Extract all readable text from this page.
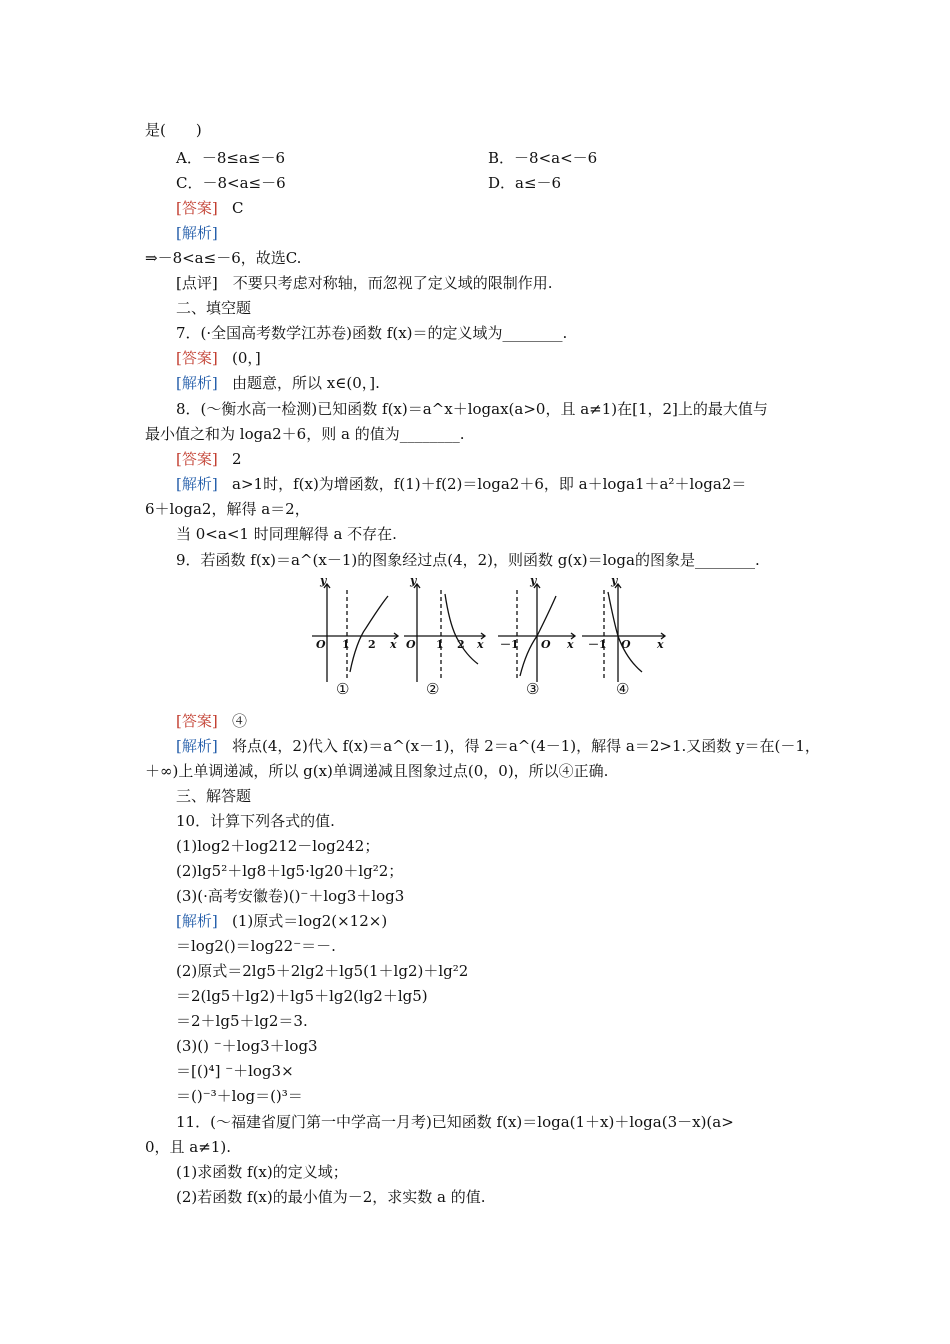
是(　　)
A．－8≤a≤－6	B．－8<a<－6
C．－8<a≤－6	D．a≤－6
[答案] C
[解析]
⇒－8<a≤－6，故选C.
[点评]　不要只考虑对称轴，而忽视了定义域的限制作用.
二、填空题
7．(·全国高考数学江苏卷)函数 f(x)＝的定义域为________.
[答案] (0，]
[解析] 由题意，所以 x∈(0，].
8．(～衡水高一检测)已知函数 f(x)＝a^x＋logax(a>0，且 a≠1)在[1，2]上的最大值与
最小值之和为 loga2＋6，则 a 的值为________.
[答案] 2
[解析] a>1时，f(x)为增函数，f(1)＋f(2)＝loga2＋6，即 a＋loga1＋a²＋loga2＝
6＋loga2，解得 a＝2，
当 0<a<1 时同理解得 a 不存在.
9．若函数 f(x)＝a^(x－1)的图象经过点(4，2)，则函数 g(x)＝loga的图象是________.
y
x
O 1 2
y
x
O 1 2
y
x
O
－1
y
x
O
－1
①	②	③	④
[答案] ④
[解析] 将点(4，2)代入 f(x)＝a^(x－1)，得 2＝a^(4－1)，解得 a＝2>1.又函数 y＝在(－1，
＋∞)上单调递减，所以 g(x)单调递减且图象过点(0，0)，所以④正确.
三、解答题
10．计算下列各式的值.
(1)log2＋log212－log242；
(2)lg5²＋lg8＋lg5·lg20＋lg²2；
(3)(·高考安徽卷)()⁻＋log3＋log3
[解析] (1)原式＝log2(×12×)
＝log2()＝log22⁻＝－.
(2)原式＝2lg5＋2lg2＋lg5(1＋lg2)＋lg²2
＝2(lg5＋lg2)＋lg5＋lg2(lg2＋lg5)
＝2＋lg5＋lg2＝3.
(3)() ⁻＋log3＋log3
＝[()⁴] ⁻＋log3×
＝()⁻³＋log＝()³＝
11．(～福建省厦门第一中学高一月考)已知函数 f(x)＝loga(1＋x)＋loga(3－x)(a>
0，且 a≠1).
(1)求函数 f(x)的定义域；
(2)若函数 f(x)的最小值为－2，求实数 a 的值.
